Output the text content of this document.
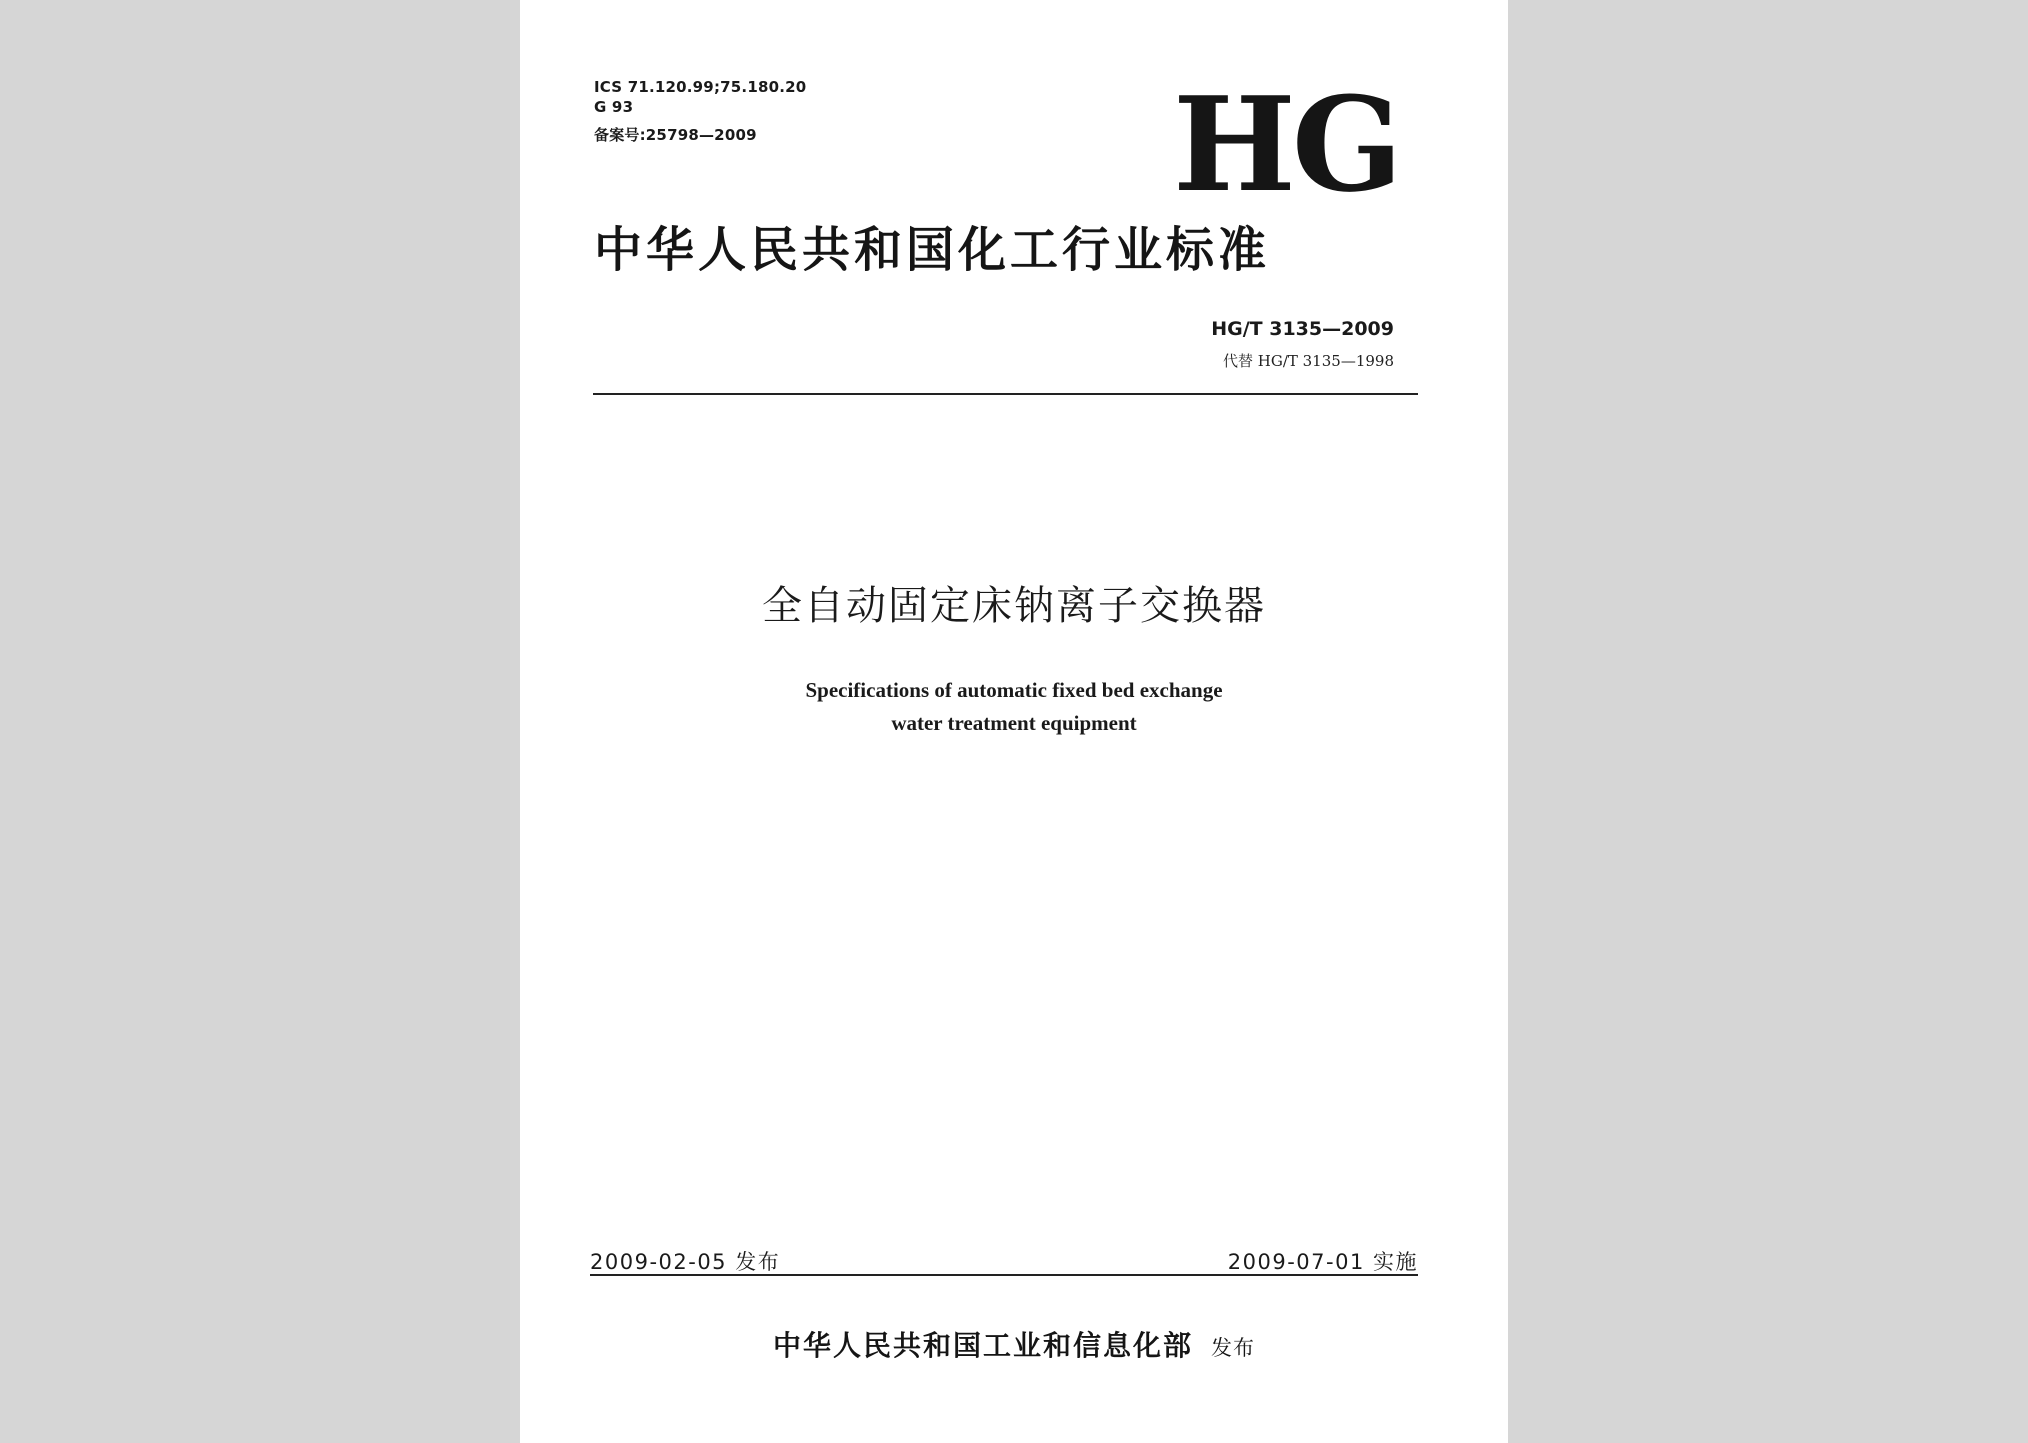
ICS 71.120.99;75.180.20
G 93
备案号:25798—2009	HG
中华人民共和国化工行业标准
HG/T 3135—2009
代替 HG/T 3135—1998
全自动固定床钠离子交换器
Specifications of automatic fixed bed exchange
water treatment equipment
2009-02-05 发布	2009-07-01 实施
中华人民共和国工业和信息化部 发布
